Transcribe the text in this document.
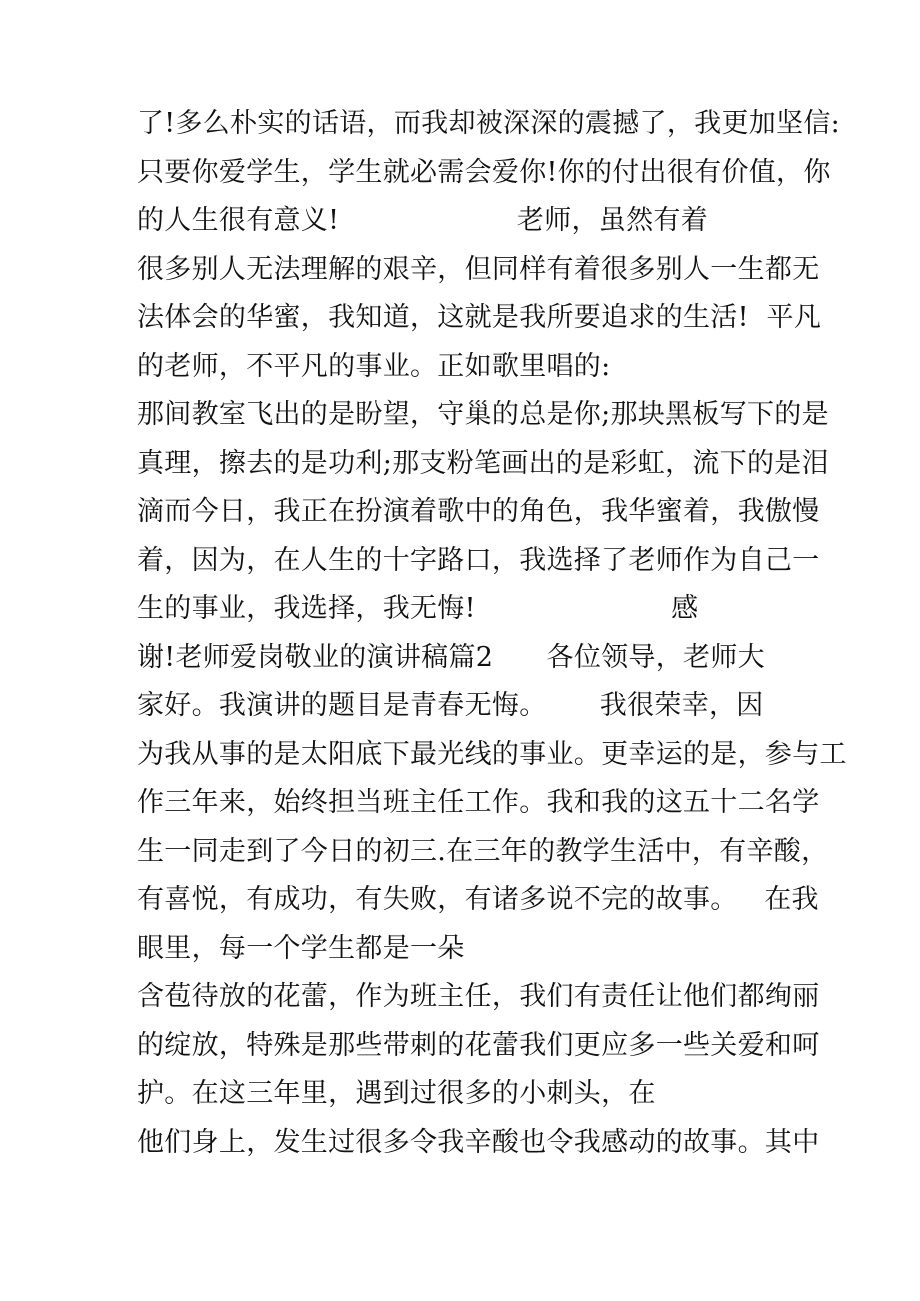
了!多么朴实的话语，而我却被深深的震撼了，我更加坚信:
只要你爱学生，学生就必需会爱你!你的付出很有价值，你
的人生很有意义!                    老师，虽然有着
很多别人无法理解的艰辛，但同样有着很多别人一生都无
法体会的华蜜，我知道，这就是我所要追求的生活!  平凡
的老师，不平凡的事业。正如歌里唱的:
那间教室飞出的是盼望，守巢的总是你;那块黑板写下的是
真理，擦去的是功利;那支粉笔画出的是彩虹，流下的是泪
滴而今日，我正在扮演着歌中的角色，我华蜜着，我傲慢
着，因为，在人生的十字路口，我选择了老师作为自己一
生的事业，我选择，我无悔!                      感
谢!老师爱岗敬业的演讲稿篇2      各位领导，老师大
家好。我演讲的题目是青春无悔。      我很荣幸，因
为我从事的是太阳底下最光线的事业。更幸运的是，参与工
作三年来，始终担当班主任工作。我和我的这五十二名学
生一同走到了今日的初三.在三年的教学生活中，有辛酸，
有喜悦，有成功，有失败，有诸多说不完的故事。   在我
眼里，每一个学生都是一朵
含苞待放的花蕾，作为班主任，我们有责任让他们都绚丽
的绽放，特殊是那些带刺的花蕾我们更应多一些关爱和呵
护。在这三年里，遇到过很多的小刺头，在
他们身上，发生过很多令我辛酸也令我感动的故事。其中
